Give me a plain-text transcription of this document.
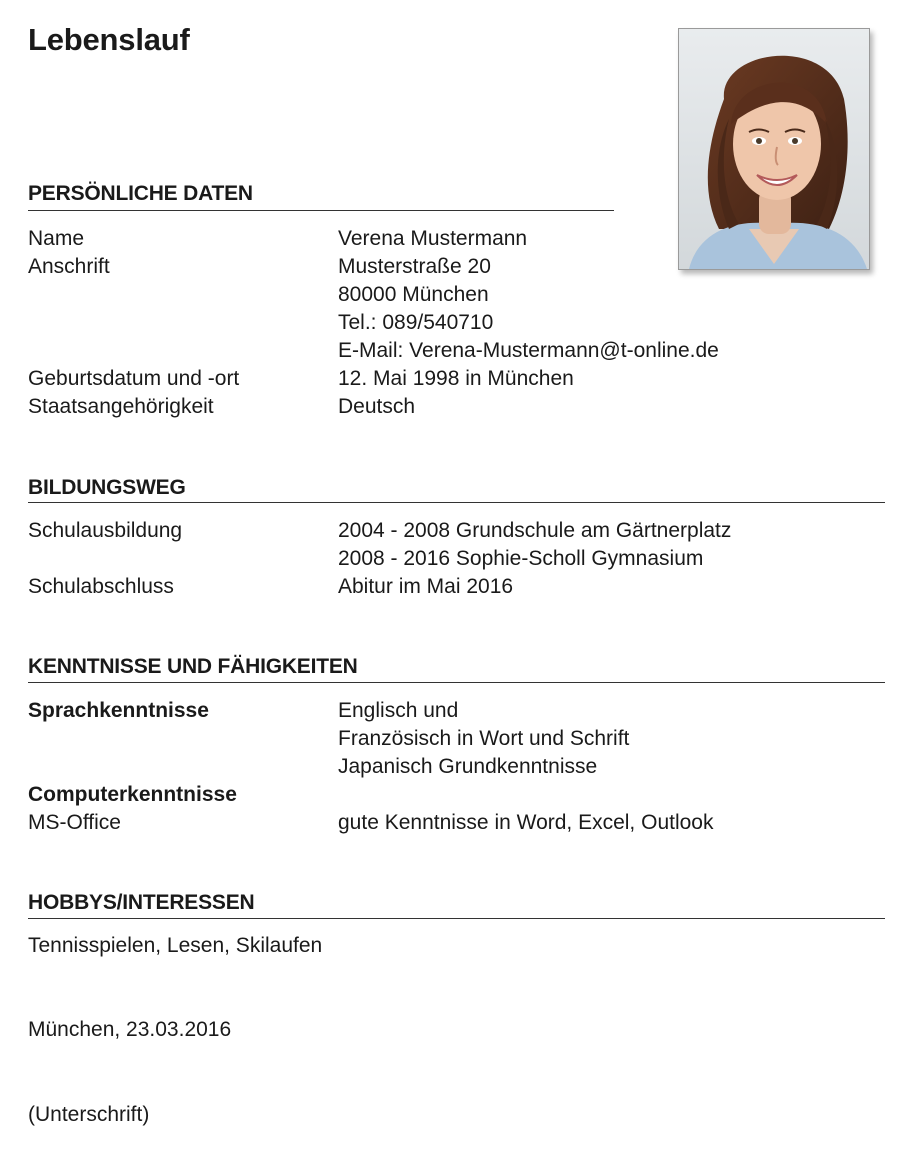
Lebenslauf
PERSÖNLICHE DATEN
Name	Verena Mustermann
Anschrift	Musterstraße 20
80000 München
Tel.: 089/540710
E-Mail: Verena-Mustermann@t-online.de
Geburtsdatum und -ort	12. Mai 1998 in München
Staatsangehörigkeit	Deutsch
BILDUNGSWEG
Schulausbildung	2004 - 2008 Grundschule am Gärtnerplatz
2008 - 2016 Sophie-Scholl Gymnasium
Schulabschluss	Abitur im Mai 2016
KENNTNISSE UND FÄHIGKEITEN
Sprachkenntnisse	Englisch und
Französisch in Wort und Schrift
Japanisch Grundkenntnisse
Computerkenntnisse
MS-Office	gute Kenntnisse in Word, Excel, Outlook
HOBBYS/INTERESSEN
Tennisspielen, Lesen, Skilaufen
München, 23.03.2016
(Unterschrift)
